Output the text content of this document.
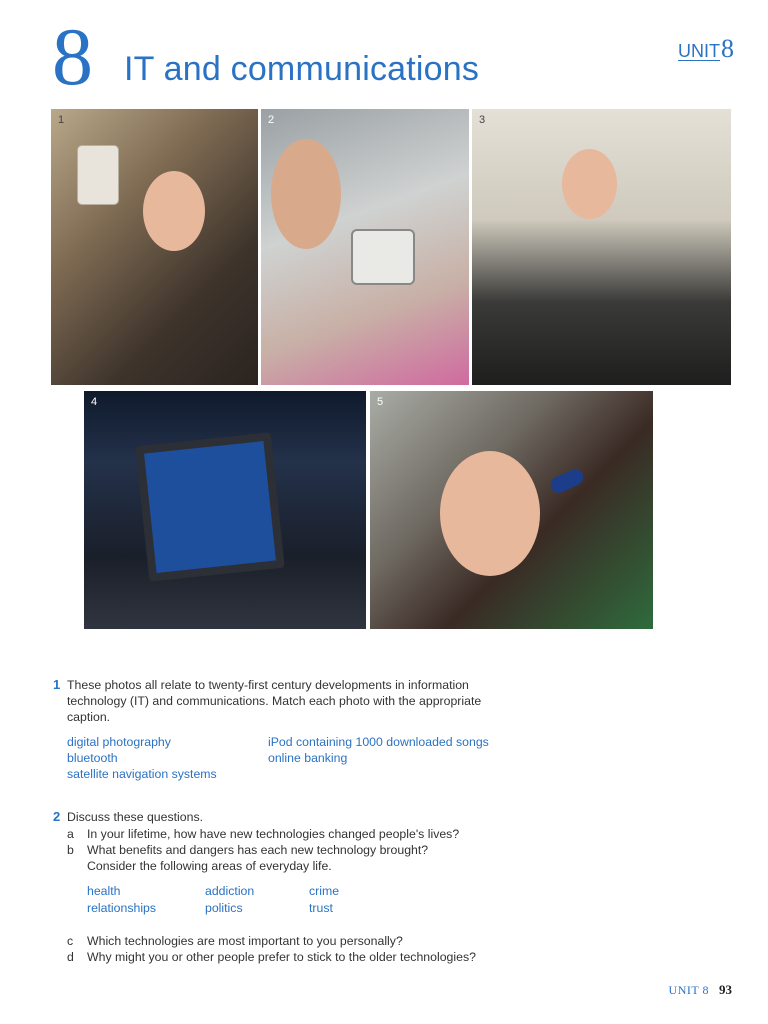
8 IT and communications	UNIT8
1	2	3
4	5
1 These photos all relate to twenty-first century developments in information technology (IT) and communications. Match each photo with the appropriate caption.
digital photography	iPod containing 1000 downloaded songs
bluetooth	online banking
satellite navigation systems
2 Discuss these questions.
a In your lifetime, how have new technologies changed people's lives?
b What benefits and dangers has each new technology brought?
Consider the following areas of everyday life.
health	addiction	crime
relationships	politics	trust
c Which technologies are most important to you personally?
d Why might you or other people prefer to stick to the older technologies?
UNIT 8 93
